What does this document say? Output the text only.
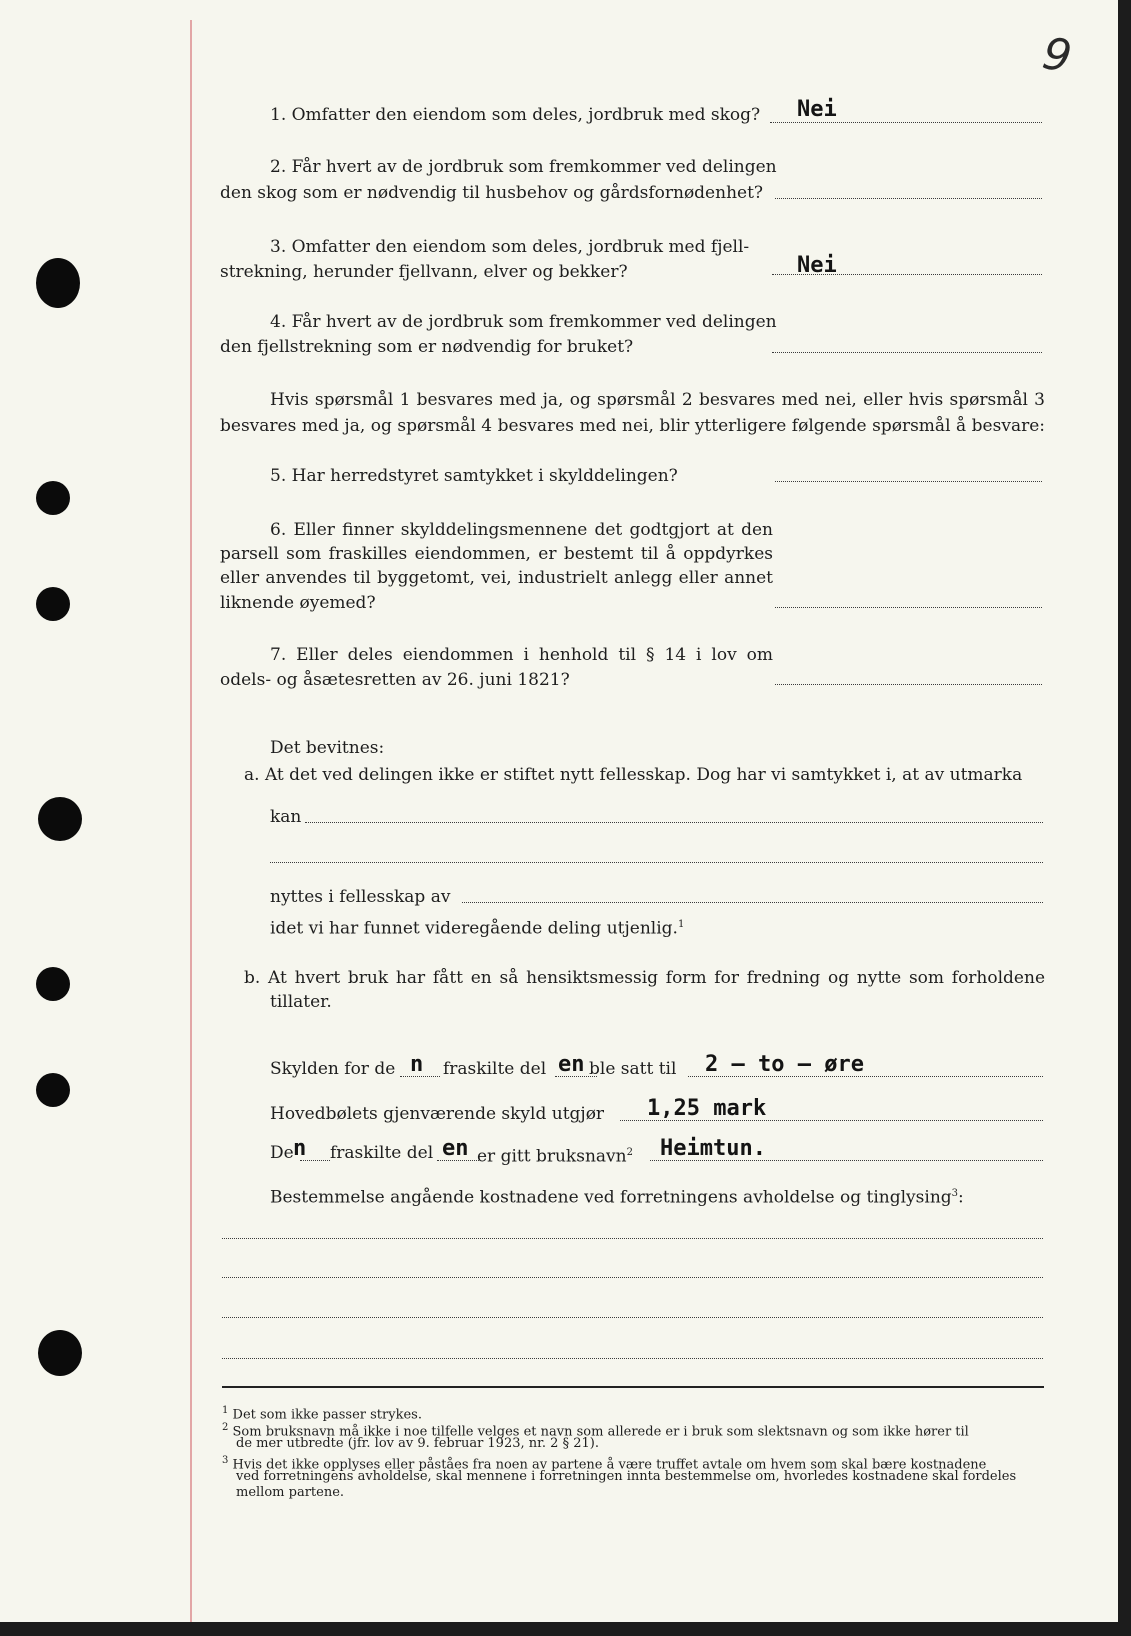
9
1. Omfatter den eiendom som deles, jordbruk med skog? Nei
2. Får hvert av de jordbruk som fremkommer ved delingen
den skog som er nødvendig til husbehov og gårdsfornødenhet?
3. Omfatter den eiendom som deles, jordbruk med fjell-
strekning, herunder fjellvann, elver og bekker?	Nei
4. Får hvert av de jordbruk som fremkommer ved delingen
den fjellstrekning som er nødvendig for bruket?
Hvis spørsmål 1 besvares med ja, og spørsmål 2 besvares med nei, eller hvis spørsmål 3
besvares med ja, og spørsmål 4 besvares med nei, blir ytterligere følgende spørsmål å besvare:
5. Har herredstyret samtykket i skylddelingen?
6. Eller finner skylddelingsmennene det godtgjort at den
parsell som fraskilles eiendommen, er bestemt til å oppdyrkes
eller anvendes til byggetomt, vei, industrielt anlegg eller annet
liknende øyemed?
7. Eller deles eiendommen i henhold til § 14 i lov om
odels- og åsætesretten av 26. juni 1821?
Det bevitnes:
a. At det ved delingen ikke er stiftet nytt fellesskap. Dog har vi samtykket i, at av utmarka
kan
nyttes i fellesskap av
idet vi har funnet videregående deling utjenlig.$^1$
b. At hvert bruk har fått en så hensiktsmessig form for fredning og nytte som forholdene
tillater.
Skylden for de n fraskilte del en ble satt til 2 – to – øre
Hovedbølets gjenværende skyld utgjør 1,25 mark
De n fraskilte del en er gitt bruksnavn$^2$ Heimtun.
Bestemmelse angående kostnadene ved forretningens avholdelse og tinglysing$^3$:
$^1$ Det som ikke passer strykes.
$^2$ Som bruksnavn må ikke i noe tilfelle velges et navn som allerede er i bruk som slektsnavn og som ikke hører til
de mer utbredte (jfr. lov av 9. februar 1923, nr. 2 § 21).
$^3$ Hvis det ikke opplyses eller påståes fra noen av partene å være truffet avtale om hvem som skal bære kostnadene
ved forretningens avholdelse, skal mennene i forretningen innta bestemmelse om, hvorledes kostnadene skal fordeles
mellom partene.
